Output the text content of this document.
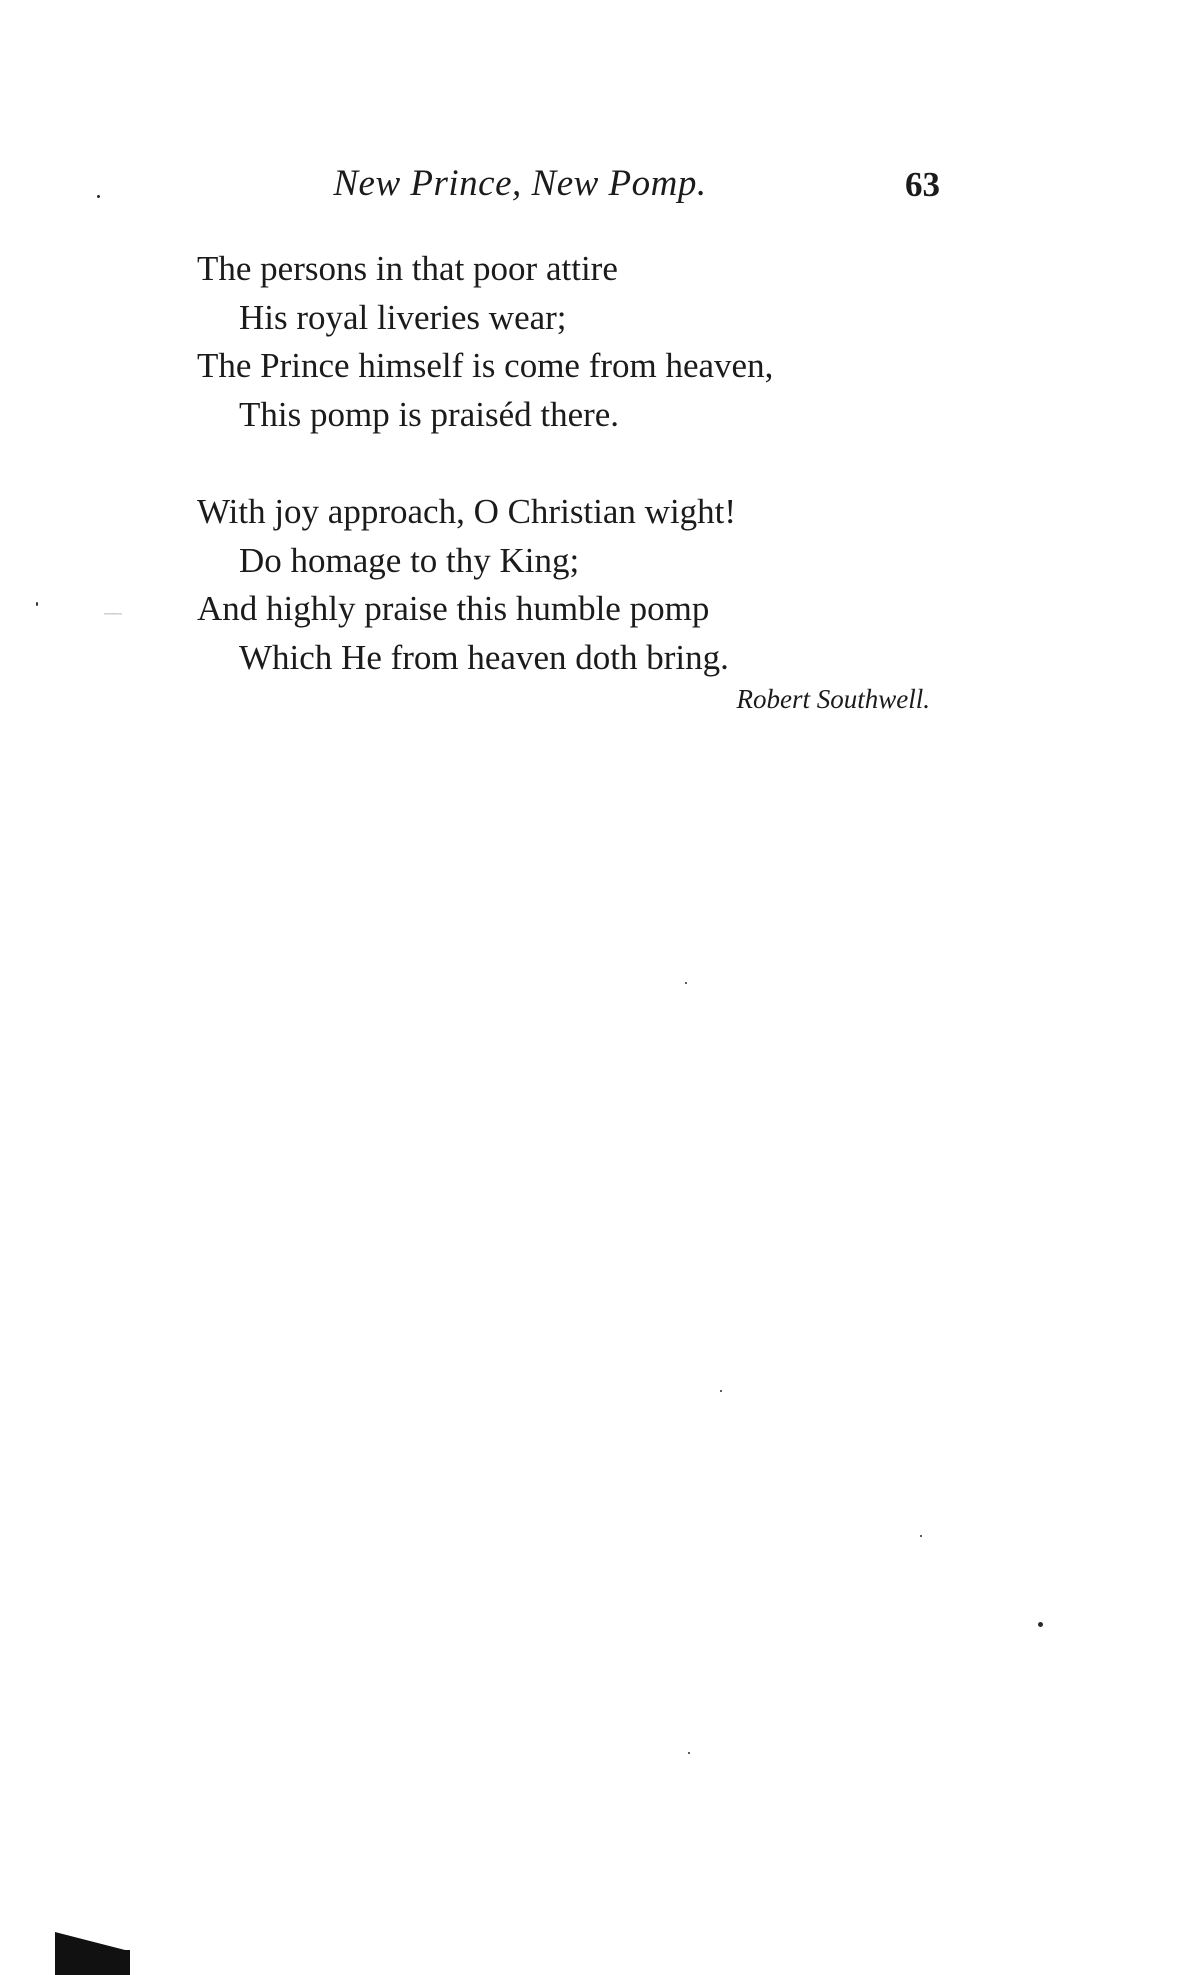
New Prince, New Pomp.	63
The persons in that poor attire
His royal liveries wear;
The Prince himself is come from heaven,
This pomp is praiséd there.
With joy approach, O Christian wight!
Do homage to thy King;
And highly praise this humble pomp
Which He from heaven doth bring.
Robert Southwell.
̶ ̶
